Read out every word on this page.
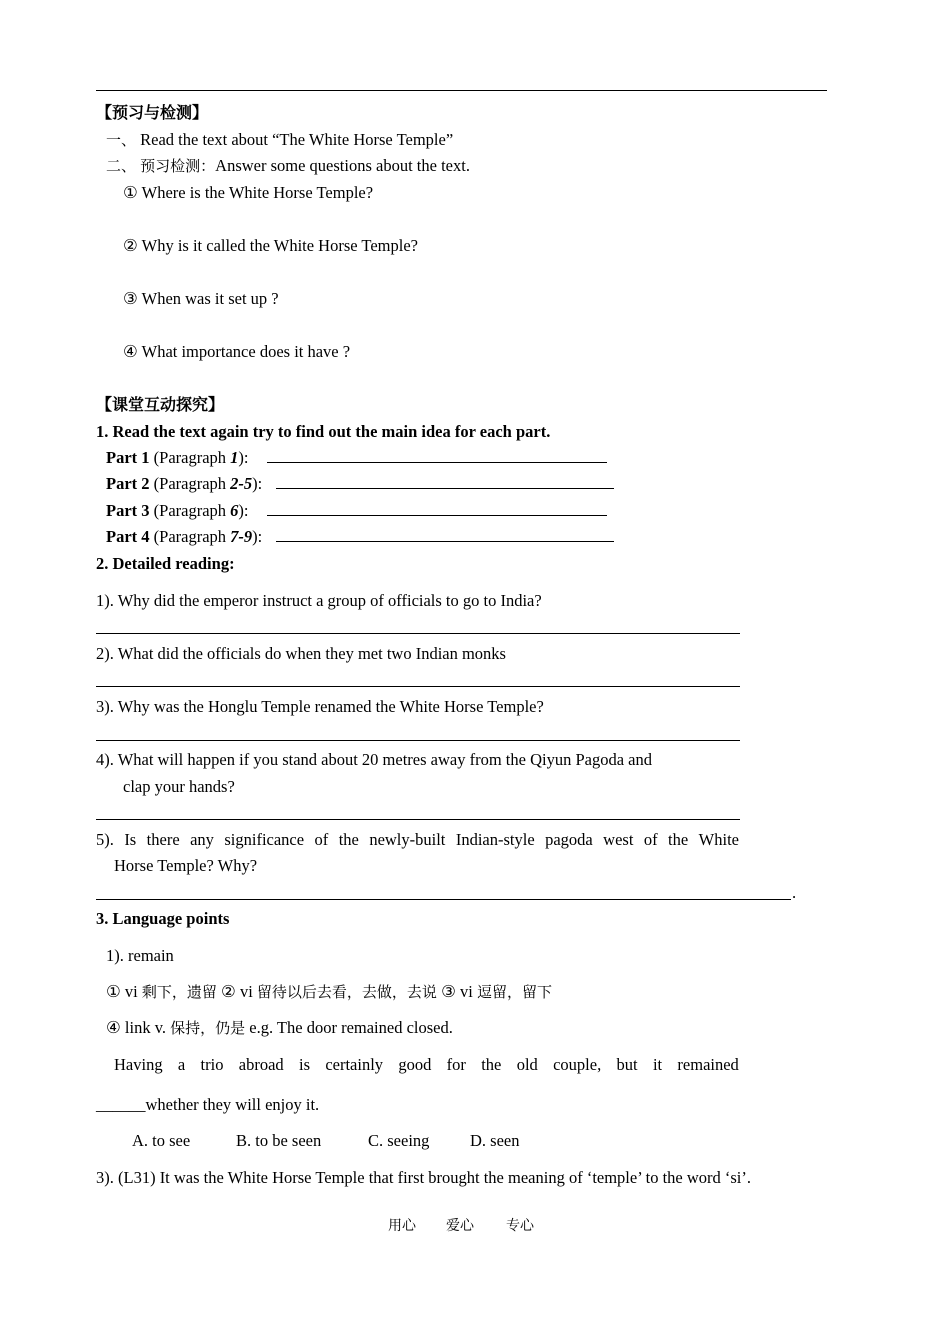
【预习与检测】
一、 Read the text about “The White Horse Temple”
二、 预习检测：Answer some questions about the text.
① Where is the White Horse Temple?
② Why is it called the White Horse Temple?
③ When was it set up ?
④ What importance does it have ?
【课堂互动探究】
1. Read the text again try to find out the main idea for each part.
Part 1 (Paragraph 1):
Part 2 (Paragraph 2-5):
Part 3 (Paragraph 6):
Part 4 (Paragraph 7-9):
2. Detailed reading:
1). Why did the emperor instruct a group of officials to go to India?
2). What did the officials do when they met two Indian monks
3). Why was the Honglu Temple renamed the White Horse Temple?
4). What will happen if you stand about 20 metres away from the Qiyun Pagoda and
clap your hands?
5). Is there any significance of the newly-built Indian-style pagoda west of the White
Horse Temple? Why?
.
3. Language points
1). remain
① vi 剩下，遗留 ② vi 留待以后去看，去做，去说 ③ vi 逗留，留下
④ link v. 保持，仍是 e.g. The door remained closed.
Having a trio abroad is certainly good for the old couple, but it remained
______whether they will enjoy it.
A. to see	B. to be seen	C. seeing D. seen
3). (L31) It was the White Horse Temple that first brought the meaning of ‘temple’ to the word ‘si’.
用心 爱心 专心
